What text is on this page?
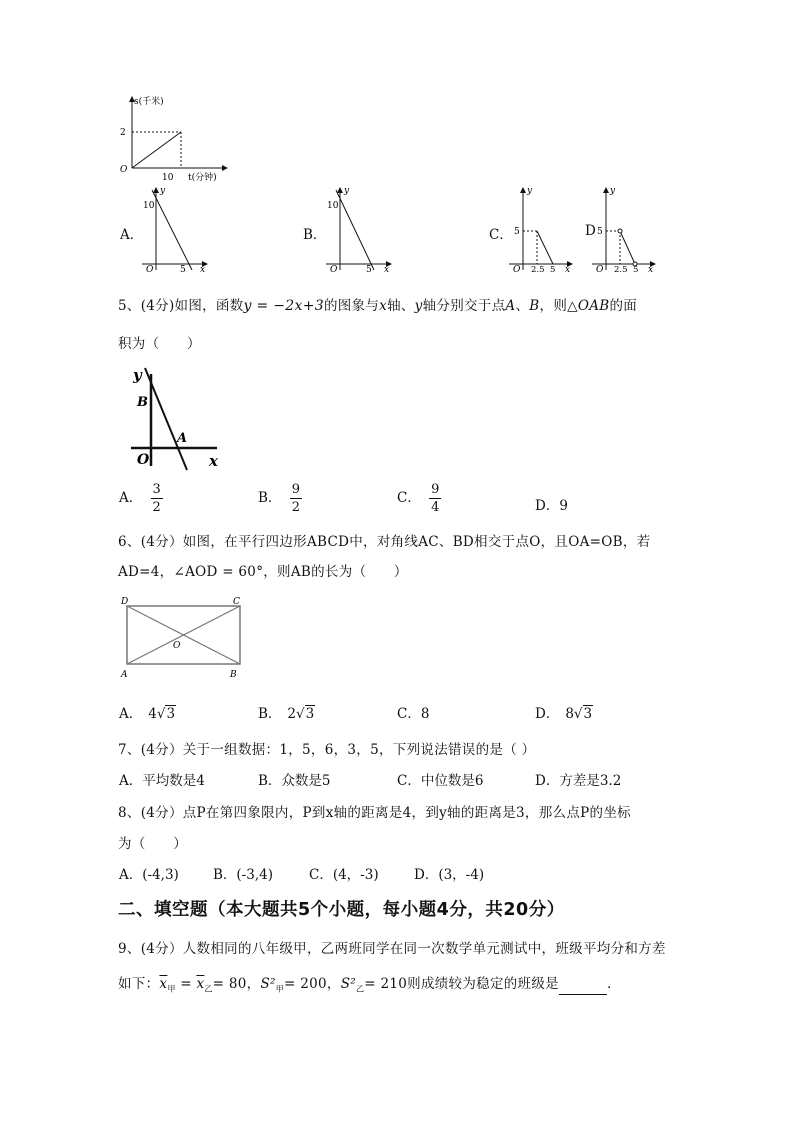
s(千米)
2
O
10 t(分钟)
A．
y
10
O	5 x
B．
y
10
O	5 x
C．
y
5
O 2.5 5 x
D
y
5
O 2.5 5 x
5、(4分)如图，函数y = −2x+3的图象与x轴、y轴分别交于点A、B，则△OAB的面
积为（　　）
y
x
O
B
A
A． $\frac{3}{2}$	B． $\frac{9}{2}$	C． $\frac{9}{4}$	D．9
6、(4分）如图，在平行四边形ABCD中，对角线AC、BD相交于点O，且OA=OB，若
AD=4，∠AOD = 60°，则AB的长为（　　）
D	C
A	B
O
A． 4√3	B． 2√3	C．8	D． 8√3
7、(4分）关于一组数据：1，5，6，3，5，下列说法错误的是（ ）
A．平均数是4	B．众数是5	C．中位数是6	D．方差是3.2
8、(4分）点P在第四象限内，P到x轴的距离是4，到y轴的距离是3，那么点P的坐标
为（　　）
A．(-4,3)	B．(-3,4)	C．(4，-3)	D．(3，-4)
二、填空题（本大题共5个小题，每小题4分，共20分）
9、(4分）人数相同的八年级甲，乙两班同学在同一次数学单元测试中，班级平均分和方差
如下：$\overline{x}_甲 = \overline{x}_乙= 80$，$S^2_甲= 200$，$S^2_乙= 210$则成绩较为稳定的班级是	.
